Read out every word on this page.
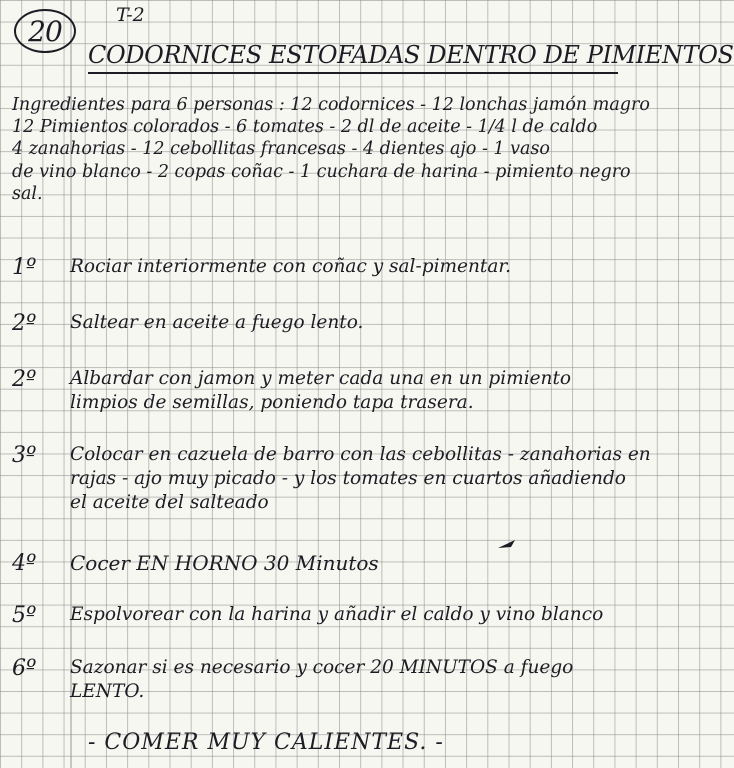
20	T-2
CODORNICES ESTOFADAS DENTRO DE PIMIENTOS
Ingredientes para 6 personas : 12 codornices - 12 lonchas jamón magro
12 Pimientos colorados - 6 tomates - 2 dl de aceite - 1/4 l de caldo
4 zanahorias - 12 cebollitas francesas - 4 dientes ajo - 1 vaso
de vino blanco - 2 copas coñac - 1 cuchara de harina - pimiento negro
sal.
1º Rociar interiormente con coñac y sal-pimentar.
2º Saltear en aceite a fuego lento.
2º Albardar con jamon y meter cada una en un pimiento
limpios de semillas, poniendo tapa trasera.
3º Colocar en cazuela de barro con las cebollitas - zanahorias en
rajas - ajo muy picado - y los tomates en cuartos añadiendo
el aceite del salteado
4º Cocer EN HORNO 30 Minutos
5º Espolvorear con la harina y añadir el caldo y vino blanco
6º Sazonar si es necesario y cocer 20 MINUTOS a fuego
LENTO.
- COMER MUY CALIENTES. -
